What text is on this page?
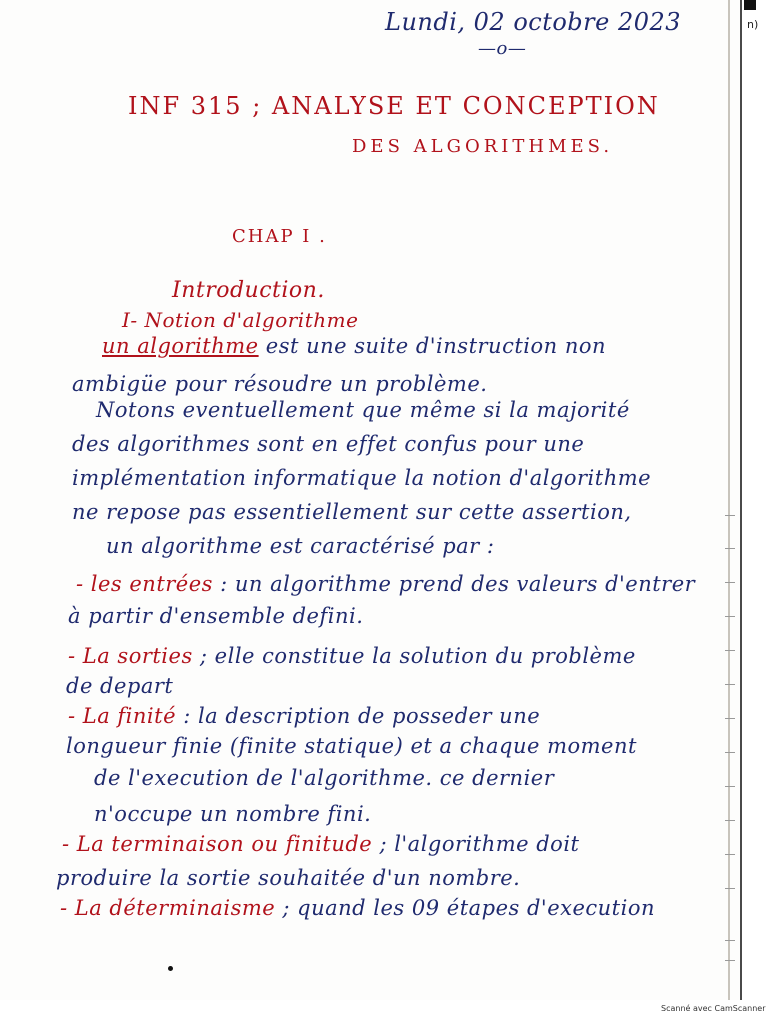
Lundi, 02 octobre 2023
—o—
INF 315 ; ANALYSE ET CONCEPTION
DES ALGORITHMES.
CHAP I .
Introduction.
I- Notion d'algorithme
un algorithme est une suite d'instruction non
ambigüe pour résoudre un problème.
Notons eventuellement que même si la majorité
des algorithmes sont en effet confus pour une
implémentation informatique la notion d'algorithme
ne repose pas essentiellement sur cette assertion,
un algorithme est caractérisé par :
- les entrées : un algorithme prend des valeurs d'entrer
à partir d'ensemble defini.
- La sorties ; elle constitue la solution du problème
de depart
- La finité : la description de posseder une
longueur finie (finite statique) et a chaque moment
de l'execution de l'algorithme. ce dernier
n'occupe un nombre fini.
- La terminaison ou finitude ; l'algorithme doit
produire la sortie souhaitée d'un nombre.
- La déterminaisme ; quand les 09 étapes d'execution
n)
Scanné avec CamScanner
